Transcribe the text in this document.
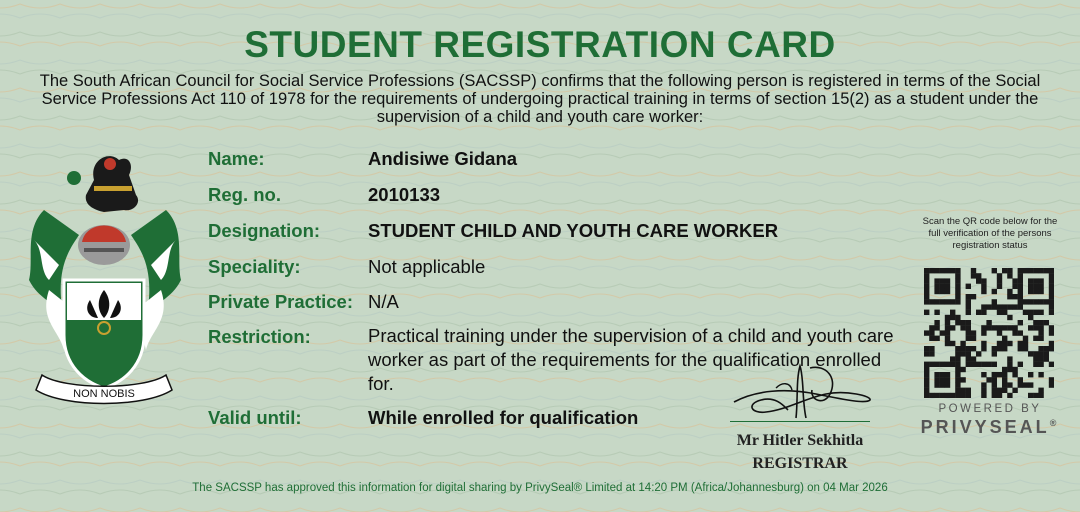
STUDENT REGISTRATION CARD
The South African Council for Social Service Professions (SACSSP) confirms that the following person is registered in terms of the Social Service Professions Act 110 of 1978 for the requirements of undergoing practical training in terms of section 15(2) as a student under the supervision of a child and youth care worker:
NON NOBIS
Name:	Andisiwe Gidana
Reg. no.	2010133
Designation:	STUDENT CHILD AND YOUTH CARE WORKER
Speciality:	Not applicable
Private Practice: N/A
Restriction:	Practical training under the supervision of a child and youth care worker as part of the requirements for the qualification enrolled for.
Valid until:	While enrolled for qualification
Mr Hitler Sekhitla
REGISTRAR
Scan the QR code below for the full verification of the persons registration status
POWERED BY
PRIVYSEAL®
The SACSSP has approved this information for digital sharing by PrivySeal® Limited at 14:20 PM (Africa/Johannesburg) on 04 Mar 2026
